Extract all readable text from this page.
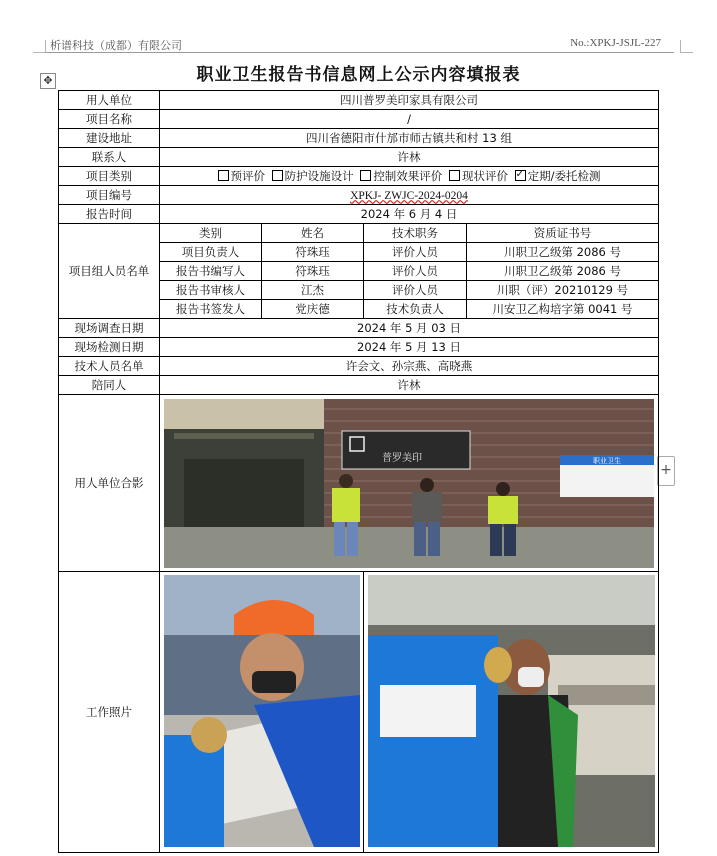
析谱科技（成都）有限公司	No.:XPKJ-JSJL-227
✥
+
职业卫生报告书信息网上公示内容填报表
用人单位	四川普罗美印家具有限公司			
项目名称	/			
建设地址	四川省德阳市什邡市师古镇共和村 13 组			
联系人	许林			
项目类别	预评价 防护设施设计 控制效果评价 现状评价 ✓ 定期/委托检测
项目编号	XPKJ- ZWJC-2024-0204			
报告时间	2024 年 6 月 4 日			
项目组人员名单	类别	姓名	技术职务	资质证书号
	项目负责人	符珠珏	评价人员	川职卫乙级第 2086 号
	报告书编写人	符珠珏	评价人员	川职卫乙级第 2086 号
	报告书审核人	江杰	评价人员	川职（评）20210129 号
	报告书签发人	党庆德	技术负责人	川安卫乙构培字第 0041 号
现场调查日期	2024 年 5 月 03 日			
现场检测日期	2024 年 5 月 13 日			
技术人员名单	许会文、孙宗燕、高晓燕			
陪同人	许林			
用人单位合影	普罗美印 职业卫生			

工作照片	
